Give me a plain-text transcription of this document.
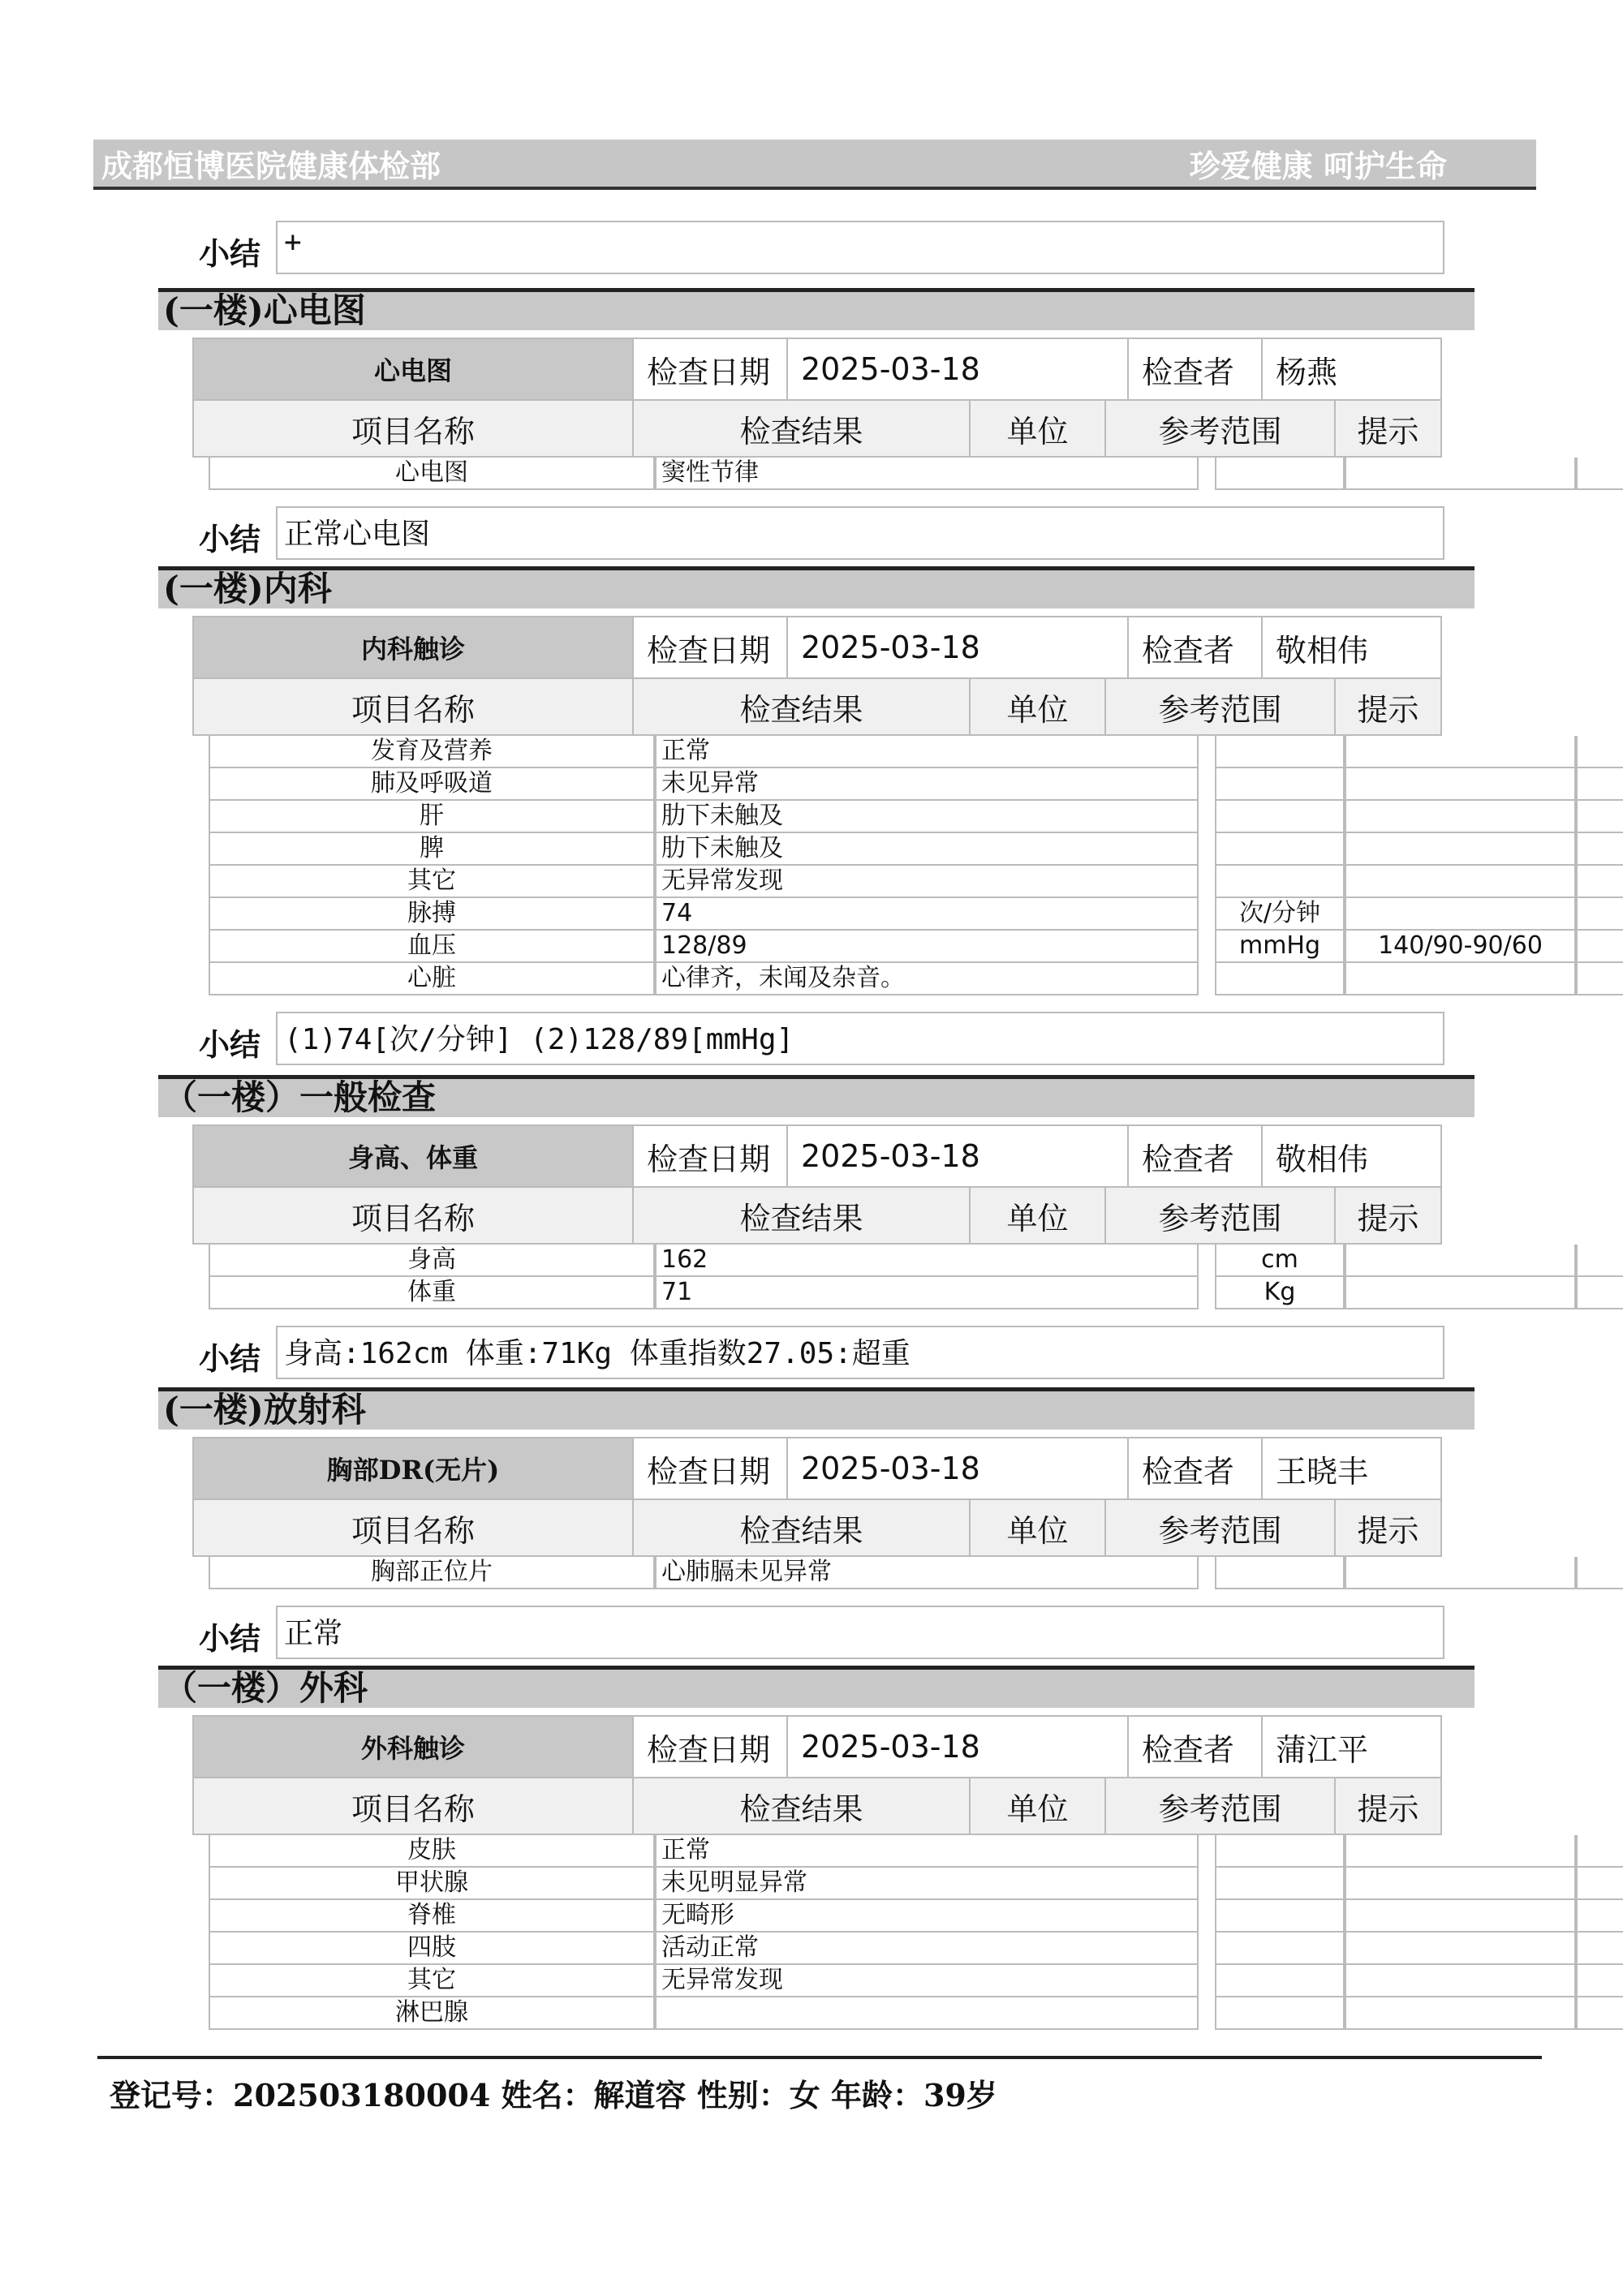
成都恒博医院健康体检部	珍爱健康 呵护生命
小结 +
(一楼)心电图
心电图	检查日期 2025-03-18	检查者	杨燕
项目名称	检查结果	单位	参考范围	提示
心电图	窦性节律
小结 正常心电图
(一楼)内科
内科触诊	检查日期 2025-03-18	检查者	敬相伟
项目名称	检查结果	单位	参考范围	提示
发育及营养	正常
肺及呼吸道	未见异常
肝	肋下未触及
脾	肋下未触及
其它	无异常发现
脉搏	74	次/分钟
血压	128/89	mmHg	140/90-90/60
心脏	心律齐，未闻及杂音。
小结 (1)74[次/分钟] (2)128/89[mmHg]
（一楼）一般检查
身高、体重	检查日期 2025-03-18	检查者	敬相伟
项目名称	检查结果	单位	参考范围	提示
身高	162	cm
体重	71	Kg
小结 身高:162cm 体重:71Kg 体重指数27.05:超重
(一楼)放射科
胸部DR(无片)	检查日期 2025-03-18	检查者	王晓丰
项目名称	检查结果	单位	参考范围	提示
胸部正位片	心肺膈未见异常
小结 正常
（一楼）外科
外科触诊	检查日期 2025-03-18	检查者	蒲江平
项目名称	检查结果	单位	参考范围	提示
皮肤	正常
甲状腺	未见明显异常
脊椎	无畸形
四肢	活动正常
其它	无异常发现
淋巴腺
登记号：202503180004 姓名：解道容 性别：女 年龄：39岁
